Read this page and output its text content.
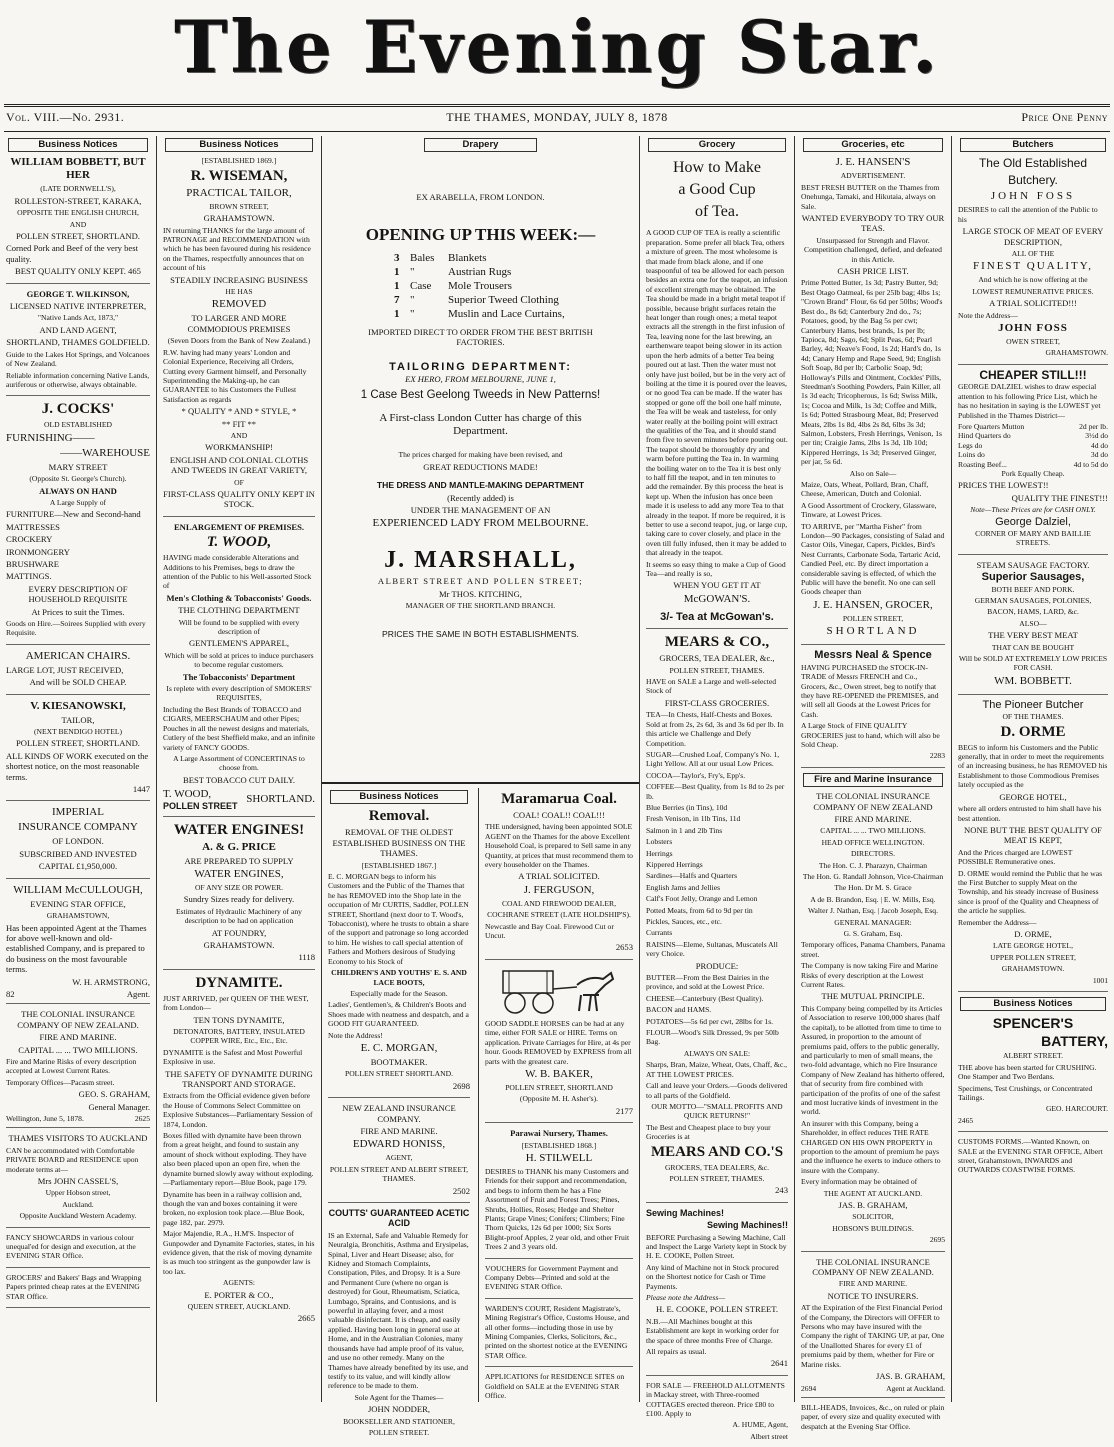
The Evening Star.
Vol. VIII.—No. 2931.	THE THAMES, MONDAY, JULY 8, 1878	Price One Penny
Business Notices
WILLIAM BOBBETT, BUT HER
(LATE DORNWELL'S),
ROLLESTON-STREET, KARAKA,
OPPOSITE THE ENGLISH CHURCH,
AND
POLLEN STREET, SHORTLAND.
Corned Pork and Beef of the very best quality.
BEST QUALITY ONLY KEPT. 465
GEORGE T. WILKINSON,
LICENSED NATIVE INTERPRETER,
"Native Lands Act, 1873,"
AND LAND AGENT,
SHORTLAND, THAMES GOLDFIELD.
Guide to the Lakes Hot Springs, and Volcanoes of New Zealand.
Reliable information concerning Native Lands, auriferous or otherwise, always obtainable.
J. COCKS'
OLD ESTABLISHED
FURNISHING——
——WAREHOUSE
MARY STREET
(Opposite St. George's Church).
ALWAYS ON HAND
A Large Supply of
FURNITURE—New and Second-hand
MATTRESSES
CROCKERY
IRONMONGERY
BRUSHWARE
MATTINGS.
EVERY DESCRIPTION OF HOUSEHOLD REQUISITE
At Prices to suit the Times.
Goods on Hire.—Soirees Supplied with every Requisite.
AMERICAN CHAIRS.
LARGE LOT, JUST RECEIVED,
And will be SOLD CHEAP.
V. KIESANOWSKI,
TAILOR,
(NEXT BENDIGO HOTEL)
POLLEN STREET, SHORTLAND.
ALL KINDS OF WORK executed on the shortest notice, on the most reasonable terms.
1447
IMPERIAL
INSURANCE COMPANY
OF LONDON.
SUBSCRIBED AND INVESTED
CAPITAL £1,950,000.
WILLIAM McCULLOUGH,
EVENING STAR OFFICE,
GRAHAMSTOWN,
Has been appointed Agent at the Thames for above well-known and old-established Company, and is prepared to do business on the most favourable terms.
W. H. ARMSTRONG,
82	Agent.
THE COLONIAL INSURANCE COMPANY OF NEW ZEALAND.
FIRE AND MARINE.
CAPITAL ... ... TWO MILLIONS.
Fire and Marine Risks of every description accepted at Lowest Current Rates.
Temporary Offices—Pacasm street.
GEO. S. GRAHAM,
General Manager.
Wellington, June 5, 1878.	2625
THAMES VISITORS TO AUCKLAND
CAN be accommodated with Comfortable PRIVATE BOARD and RESIDENCE upon moderate terms at—
Mrs JOHN CASSEL'S,
Upper Hobson street,
Auckland.
Opposite Auckland Western Academy.
FANCY SHOWCARDS in various colour unequal'ed for design and execution, at the EVENING STAR Office.
GROCERS' and Bakers' Bags and Wrapping Papers printed cheap rates at the EVENING STAR Office.
Business Notices
[ESTABLISHED 1869.]
R. WISEMAN,
PRACTICAL TAILOR,
BROWN STREET,
GRAHAMSTOWN.
IN returning THANKS for the large amount of PATRONAGE and RECOMMENDATION with which he has been favoured during his residence on the Thames, respectfully announces that on account of his
STEADILY INCREASING BUSINESS
HE HAS
REMOVED
TO LARGER AND MORE COMMODIOUS PREMISES
(Seven Doors from the Bank of New Zealand.)
R.W. having had many years' London and Colonial Experience, Receiving all Orders, Cutting every Garment himself, and Personally Superintending the Making-up, he can GUARANTEE to his Customers the Fullest Satisfaction as regards
* QUALITY * AND * STYLE, *
** FIT **
AND
WORKMANSHIP!
ENGLISH AND COLONIAL CLOTHS AND TWEEDS IN GREAT VARIETY,
OF
FIRST-CLASS QUALITY ONLY KEPT IN STOCK.
ENLARGEMENT OF PREMISES.
T. WOOD,
HAVING made considerable Alterations and Additions to his Premises, begs to draw the attention of the Public to his Well-assorted Stock of
Men's Clothing & Tobacconists' Goods.
THE CLOTHING DEPARTMENT
Will be found to be supplied with every description of
GENTLEMEN'S APPAREL,
Which will be sold at prices to induce purchasers to become regular customers.
The Tobacconists' Department
Is replete with every description of SMOKERS' REQUISITES,
Including the Best Brands of TOBACCO and CIGARS, MEERSCHAUM and other Pipes; Pouches in all the newest designs and materials, Cutlery of the best Sheffield make, and an infinite variety of FANCY GOODS.
A Large Assortment of CONCERTINAS to choose from.
BEST TOBACCO CUT DAILY.
T. WOOD,
POLLEN STREET
SHORTLAND.
WATER ENGINES!
A. & G. PRICE
ARE PREPARED TO SUPPLY
WATER ENGINES,
OF ANY SIZE OR POWER.
Sundry Sizes ready for delivery.
Estimates of Hydraulic Machinery of any description to be had on application
AT FOUNDRY,
GRAHAMSTOWN.
1118
DYNAMITE.
JUST ARRIVED, per QUEEN OF THE WEST, from London—
TEN TONS DYNAMITE,
DETONATORS, BATTERY, INSULATED COPPER WIRE, Etc., Etc., Etc.
DYNAMITE is the Safest and Most Powerful Explosive in use.
THE SAFETY OF DYNAMITE DURING TRANSPORT AND STORAGE.
Extracts from the Official evidence given before the House of Commons Select Committee on Explosive Substances—Parliamentary Session of 1874, London.
Boxes filled with dynamite have been thrown from a great height, and found to sustain any amount of shock without exploding. They have also been placed upon an open fire, when the dynamite burned slowly away without exploding.—Parliamentary report—Blue Book, page 179.
Dynamite has been in a railway collision and, though the van and boxes containing it were broken, no explosion took place.—Blue Book, page 182, par. 2979.
Major Majendie, R.A., H.M'S. Inspector of Gunpowder and Dynamite Factories, states, in his evidence given, that the risk of moving dynamite is as much too stringent as the gunpowder law is too lax.
AGENTS:
E. PORTER & CO.,
QUEEN STREET, AUCKLAND.
2665
Drapery
EX ARABELLA, FROM LONDON.
OPENING UP THIS WEEK:—
3 Bales	Blankets
1 "	Austrian Rugs
1 Case	Mole Trousers
7 "	Superior Tweed Clothing
1 "	Muslin and Lace Curtains,
IMPORTED DIRECT TO ORDER FROM THE BEST BRITISH FACTORIES.
TAILORING DEPARTMENT:
EX HERO, FROM MELBOURNE, JUNE 1,
1 Case Best Geelong Tweeds in New Patterns!
A First-class London Cutter has charge of this Department.
The prices charged for making have been revised, and
GREAT REDUCTIONS MADE!
THE DRESS AND MANTLE-MAKING DEPARTMENT
(Recently added) is
UNDER THE MANAGEMENT OF AN
EXPERIENCED LADY FROM MELBOURNE.
J. MARSHALL,
ALBERT STREET AND POLLEN STREET;
Mr THOS. KITCHING,
MANAGER OF THE SHORTLAND BRANCH.
PRICES THE SAME IN BOTH ESTABLISHMENTS.
Business Notices
Removal.
REMOVAL OF THE OLDEST ESTABLISHED BUSINESS ON THE THAMES.
[ESTABLISHED 1867.]
E. C. MORGAN begs to inform his Customers and the Public of the Thames that he has REMOVED into the Shop late in the occupation of Mr CURTIS, Saddler, POLLEN STREET, Shortland (next door to T. Wood's, Tobacconist), where he trusts to obtain a share of the support and patronage so long accorded to him. He wishes to call special attention of Fathers and Mothers desirous of Studying Economy to his Stock of
CHILDREN'S AND YOUTHS' E. S. AND LACE BOOTS,
Especially made for the Season.
Ladies', Gentlemen's, & Children's Boots and Shoes made with neatness and despatch, and a GOOD FIT GUARANTEED.
Note the Address!
E. C. MORGAN,
BOOTMAKER.
POLLEN STREET SHORTLAND.
2698
NEW ZEALAND INSURANCE COMPANY.
FIRE AND MARINE.
EDWARD HONISS,
AGENT,
POLLEN STREET AND ALBERT STREET, THAMES.
2502
COUTTS' GUARANTEED ACETIC ACID
IS an External, Safe and Valuable Remedy for Neuralgia, Bronchitis, Asthma and Erysipelas, Spinal, Liver and Heart Disease; also, for Kidney and Stomach Complaints, Constipation, Piles, and Dropsy. It is a Sure and Permanent Cure (where no organ is destroyed) for Gout, Rheumatism, Sciatica, Lumbago, Sprains, and Contusions, and is powerful in allaying fever, and a most valuable disinfectant. It is cheap, and easily applied. Having been long in general use at Home, and in the Australian Colonies, many thousands have had ample proof of its value, and use no other remedy. Many on the Thames have already benefited by its use, and testify to its value, and will kindly allow reference to be made to them.
Sole Agent for the Thames—
JOHN NODDER,
BOOKSELLER AND STATIONER,
POLLEN STREET.
Maramarua Coal.
COAL! COAL!! COAL!!!
THE undersigned, having been appointed SOLE AGENT on the Thames for the above Excellent Household Coal, is prepared to Sell same in any Quantity, at prices that must recommend them to every householder on the Thames.
A TRIAL SOLICITED.
J. FERGUSON,
COAL AND FIREWOOD DEALER,
COCHRANE STREET (LATE HOLDSHIP'S).
Newcastle and Bay Coal. Firewood Cut or Uncut.
2653
GOOD SADDLE HORSES can be had at any time, either FOR SALE or HIRE. Terms on application. Private Carriages for Hire, at 4s per hour. Goods REMOVED by EXPRESS from all parts with the greatest care.
W. B. BAKER,
POLLEN STREET, SHORTLAND
(Opposite M. H. Asher's).
2177
Parawai Nursery, Thames.
[ESTABLISHED 1868.]
H. STILWELL
DESIRES to THANK his many Customers and Friends for their support and recommendation, and begs to inform them he has a Fine Assortment of Fruit and Forest Trees; Pines, Shrubs, Hollies, Roses; Hedge and Shelter Plants; Grape Vines; Conifers; Climbers; Fine Thorn Quicks, 12s 6d per 1000; Six Sorts Blight-proof Apples, 2 year old, and other Fruit Trees 2 and 3 years old.
VOUCHERS for Government Payment and Company Debts—Printed and sold at the EVENING STAR Office.
WARDEN'S COURT, Resident Magistrate's, Mining Registrar's Office, Customs House, and all other forms—including those in use by Mining Companies, Clerks, Solicitors, &c., printed on the shortest notice at the EVENING STAR Office.
APPLICATIONS for RESIDENCE SITES on Goldfield on SALE at the EVENING STAR Office.
Grocery
How to Make
a Good Cup
of Tea.
A GOOD CUP OF TEA is really a scientific preparation. Some prefer all black Tea, others a mixture of green. The most wholesome is that made from black alone, and if one teaspoonful of tea be allowed for each person besides an extra one for the teapot, an infusion of excellent strength may be obtained. The Tea should be made in a bright metal teapot if possible, because bright surfaces retain the heat longer than rough ones; a metal teapot extracts all the strength in the first infusion of Tea, leaving none for the last brewing, an earthenware teapot being slower in its action upon the herb admits of a better Tea being poured out at last. Then the water must not only have just boiled, but be in the very act of boiling at the time it is poured over the leaves, or no good Tea can be made. If the water has stopped or gone off the boil one half minute, the Tea will be weak and tasteless, for only water really at the boiling point will extract the qualities of the Tea, and it should stand from five to seven minutes before pouring out. The teapot should be thoroughly dry and warm before putting the Tea in. In warming the boiling water on to the Tea it is best only to half fill the teapot, and in ten minutes to add the remainder. By this process the heat is kept up. When the infusion has once been made it is useless to add any more Tea to that already in the teapot. If more be required, it is better to use a second teapot, jug, or large cup, taking care to cover closely, and place in the oven till fully infused, then it may be added to that already in the teapot.
It seems so easy thing to make a Cup of Good Tea—and really is so,
WHEN YOU GET IT AT
McGOWAN'S.
3/- Tea at McGowan's.
MEARS & CO.,
GROCERS, TEA DEALER, &c.,
POLLEN STREET, THAMES.
HAVE on SALE a Large and well-selected Stock of
FIRST-CLASS GROCERIES.
TEA—In Chests, Half-Chests and Boxes. Sold at from 2s, 2s 6d, 3s and 3s 6d per lb. In this article we Challenge and Defy Competition.
SUGAR—Crushed Loaf, Company's No. 1, Light Yellow. All at our usual Low Prices.
COCOA—Taylor's, Fry's, Epp's.
COFFEE—Best Quality, from 1s 8d to 2s per lb.
Blue Berries (in Tins), 10d
Fresh Venison, in 1lb Tins, 11d
Salmon in 1 and 2lb Tins
Lobsters
Herrings
Kippered Herrings
Sardines—Halfs and Quarters
English Jams and Jellies
Calf's Foot Jelly, Orange and Lemon
Potted Meats, from 6d to 9d per tin
Pickles, Sauces, etc., etc.
Currants
RAISINS—Eleme, Sultanas, Muscatels All very Choice.
PRODUCE:
BUTTER—From the Best Dairies in the province, and sold at the Lowest Price.
CHEESE—Canterbury (Best Quality).
BACON and HAMS.
POTATOES—5s 6d per cwt, 28lbs for 1s.
FLOUR—Wood's Silk Dressed, 9s per 50lb Bag.
ALWAYS ON SALE:
Sharps, Bran, Maize, Wheat, Oats, Chaff, &c., AT THE LOWEST PRICES.
Call and leave your Orders.—Goods delivered to all parts of the Goldfield.
OUR MOTTO—"SMALL PROFITS AND QUICK RETURNS!"
The Best and Cheapest place to buy your Groceries is at
MEARS AND CO.'S
GROCERS, TEA DEALERS, &c.
POLLEN STREET, THAMES.
243
Sewing Machines!
Sewing Machines!!
BEFORE Purchasing a Sewing Machine, Call and Inspect the Large Variety kept in Stock by H. E. COOKE, Pollen Street.
Any kind of Machine not in Stock procured on the Shortest notice for Cash or Time Payments.
Please note the Address—
H. E. COOKE, POLLEN STREET.
N.B.—All Machines bought at this Establishment are kept in working order for the space of three months Free of Charge.
All repairs as usual.
2641
FOR SALE — FREEHOLD ALLOTMENTS in Mackay street, with Three-roomed COTTAGES erected thereon. Price £80 to £100. Apply to
A. HUME, Agent,
Albert street
Groceries, etc
J. E. HANSEN'S
ADVERTISEMENT.
BEST FRESH BUTTER on the Thames from Onehunga, Tamaki, and Hikutaia, always on Sale.
WANTED EVERYBODY TO TRY OUR TEAS.
Unsurpassed for Strength and Flavor. Competition challenged, defied, and defeated in this Article.
CASH PRICE LIST.
Prime Potted Butter, 1s 3d; Pastry Butter, 9d; Best Otago Oatmeal, 6s per 25lb bag; 4lbs 1s; "Crown Brand" Flour, 6s 6d per 50lbs; Wood's Best do., 8s 6d; Canterbury 2nd do., 7s; Potatoes, good, by the Bag 5s per cwt; Canterbury Hams, best brands, 1s per lb; Tapioca, 8d; Sago, 6d; Split Peas, 6d; Pearl Barley, 4d; Neave's Food, 1s 2d; Hard's do, 1s 4d; Canary Hemp and Rape Seed, 9d; English Soft Soap, 8d per lb; Carbolic Soap, 9d; Holloway's Pills and Ointment, Cockles' Pills, Steedman's Soothing Powders, Pain Killer, all 1s 3d each; Tricopherous, 1s 6d; Swiss Milk, 1s; Cocoa and Milk, 1s 3d; Coffee and Milk, 1s 6d; Potted Strasbourg Meat, 8d; Preserved Meats, 2lbs 1s 8d, 4lbs 2s 8d, 6lbs 3s 3d; Salmon, Lobsters, Fresh Herrings, Venison, 1s per tin; Craigie Jams, 2lbs 1s 3d, 1lb 10d; Kippered Herrings, 1s 3d; Preserved Ginger, per jar, 5s 6d.
Also on Sale—
Maize, Oats, Wheat, Pollard, Bran, Chaff, Cheese, American, Dutch and Colonial.
A Good Assortment of Crockery, Glassware, Tinware, at Lowest Prices.
TO ARRIVE, per "Martha Fisher" from London—90 Packages, consisting of Salad and Castor Oils, Vinegar, Capers, Pickles, Bird's Nest Currants, Carbonate Soda, Tartaric Acid, Candied Peel, etc. By direct importation a considerable saving is effected, of which the Public will have the benefit. No one can sell Goods cheaper than
J. E. HANSEN, GROCER,
POLLEN STREET,
SHORTLAND
Messrs Neal & Spence
HAVING PURCHASED the STOCK-IN-TRADE of Messrs FRENCH and Co., Grocers, &c., Owen street, beg to notify that they have RE-OPENED the PREMISES, and will sell all Goods at the Lowest Prices for Cash.
A Large Stock of FINE QUALITY GROCERIES just to hand, which will also be Sold Cheap.
2283
Fire and Marine Insurance
THE COLONIAL INSURANCE COMPANY OF NEW ZEALAND
FIRE AND MARINE.
CAPITAL ... ... TWO MILLIONS.
HEAD OFFICE WELLINGTON.
DIRECTORS.
The Hon. C. J. Pharazyn, Chairman
The Hon. G. Randall Johnson, Vice-Chairman
The Hon. Dr M. S. Grace
A de B. Brandon, Esq. | E. W. Mills, Esq.
Walter J. Nathan, Esq. | Jacob Joseph, Esq.
GENERAL MANAGER:
G. S. Graham, Esq.
Temporary offices, Panama Chambers, Panama street.
The Company is now taking Fire and Marine Risks of every description at the Lowest Current Rates.
THE MUTUAL PRINCIPLE.
This Company being compelled by its Articles of Association to reserve 100,000 shares (half the capital), to be allotted from time to time to Assured, in proportion to the amount of premiums paid, offers to the public generally, and particularly to men of small means, the two-fold advantage, which no Fire Insurance Company of New Zealand has hitherto offered, that of security from fire combined with participation of the profits of one of the safest and most lucrative kinds of investment in the world.
An insurer with this Company, being a Shareholder, in effect reduces THE RATE CHARGED ON HIS OWN PROPERTY in proportion to the amount of premium he pays and the influence he exerts to induce others to insure with the Company.
Every information may be obtained of
THE AGENT AT AUCKLAND.
JAS. B. GRAHAM,
SOLICITOR,
HOBSON'S BUILDINGS.
2695
THE COLONIAL INSURANCE COMPANY OF NEW ZEALAND.
FIRE AND MARINE.
NOTICE TO INSURERS.
AT the Expiration of the First Financial Period of the Company, the Directors will OFFER to Persons who may have insured with the Company the right of TAKING UP, at par, One of the Unallotted Shares for every £1 of premiums paid by them, whether for Fire or Marine risks.
JAS. B. GRAHAM,
2694	Agent at Auckland.
BILL-HEADS, Invoices, &c., on ruled or plain paper, of every size and quality executed with despatch at the Evening Star Office.
Butchers
The Old Established
Butchery.
JOHN FOSS
DESIRES to call the attention of the Public to his
LARGE STOCK OF MEAT OF EVERY DESCRIPTION,
ALL OF THE
FINEST QUALITY,
And which he is now offering at the
LOWEST REMUNERATIVE PRICES.
A TRIAL SOLICITED!!!
Note the Address—
JOHN FOSS
OWEN STREET,
GRAHAMSTOWN.
CHEAPER STILL!!!
GEORGE DALZIEL wishes to draw especial attention to his following Price List, which he has no hesitation in saying is the LOWEST yet Published in the Thames District—
Fore Quarters Mutton	2d per lb.
Hind Quarters do	3½d do
Legs do	4d do
Loins do	3d do
Roasting Beef...	4d to 5d do
Pork Equally Cheap.
PRICES THE LOWEST!!
QUALITY THE FINEST!!!
Note—These Prices are for CASH ONLY.
George Dalziel,
CORNER OF MARY AND BAILLIE STREETS.
STEAM SAUSAGE FACTORY.
Superior Sausages,
BOTH BEEF AND PORK.
GERMAN SAUSAGES, POLONIES,
BACON, HAMS, LARD, &c.
ALSO—
THE VERY BEST MEAT
THAT CAN BE BOUGHT
Will be SOLD AT EXTREMELY LOW PRICES FOR CASH.
WM. BOBBETT.
The Pioneer Butcher
OF THE THAMES.
D. ORME
BEGS to inform his Customers and the Public generally, that in order to meet the requirements of an increasing business, he has REMOVED his Establishment to those Commodious Premises lately occupied as the
GEORGE HOTEL,
where all orders entrusted to him shall have his best attention.
NONE BUT THE BEST QUALITY OF MEAT IS KEPT,
And the Prices charged are LOWEST POSSIBLE Remunerative ones.
D. ORME would remind the Public that he was the First Butcher to supply Meat on the Township, and his steady increase of Business since is proof of the Quality and Cheapness of the article he supplies.
Remember the Address—
D. ORME,
LATE GEORGE HOTEL,
UPPER POLLEN STREET,
GRAHAMSTOWN.
1001
Business Notices
SPENCER'S
BATTERY,
ALBERT STREET.
THE above has been started for CRUSHING. One Stamper and Two Berdans.
Specimens, Test Crushings, or Concentrated Tailings.
GEO. HARCOURT.
2465
CUSTOMS FORMS.—Wanted Known, on SALE at the EVENING STAR OFFICE, Albert street, Grahamstown, INWARDS and OUTWARDS COASTWISE FORMS.
